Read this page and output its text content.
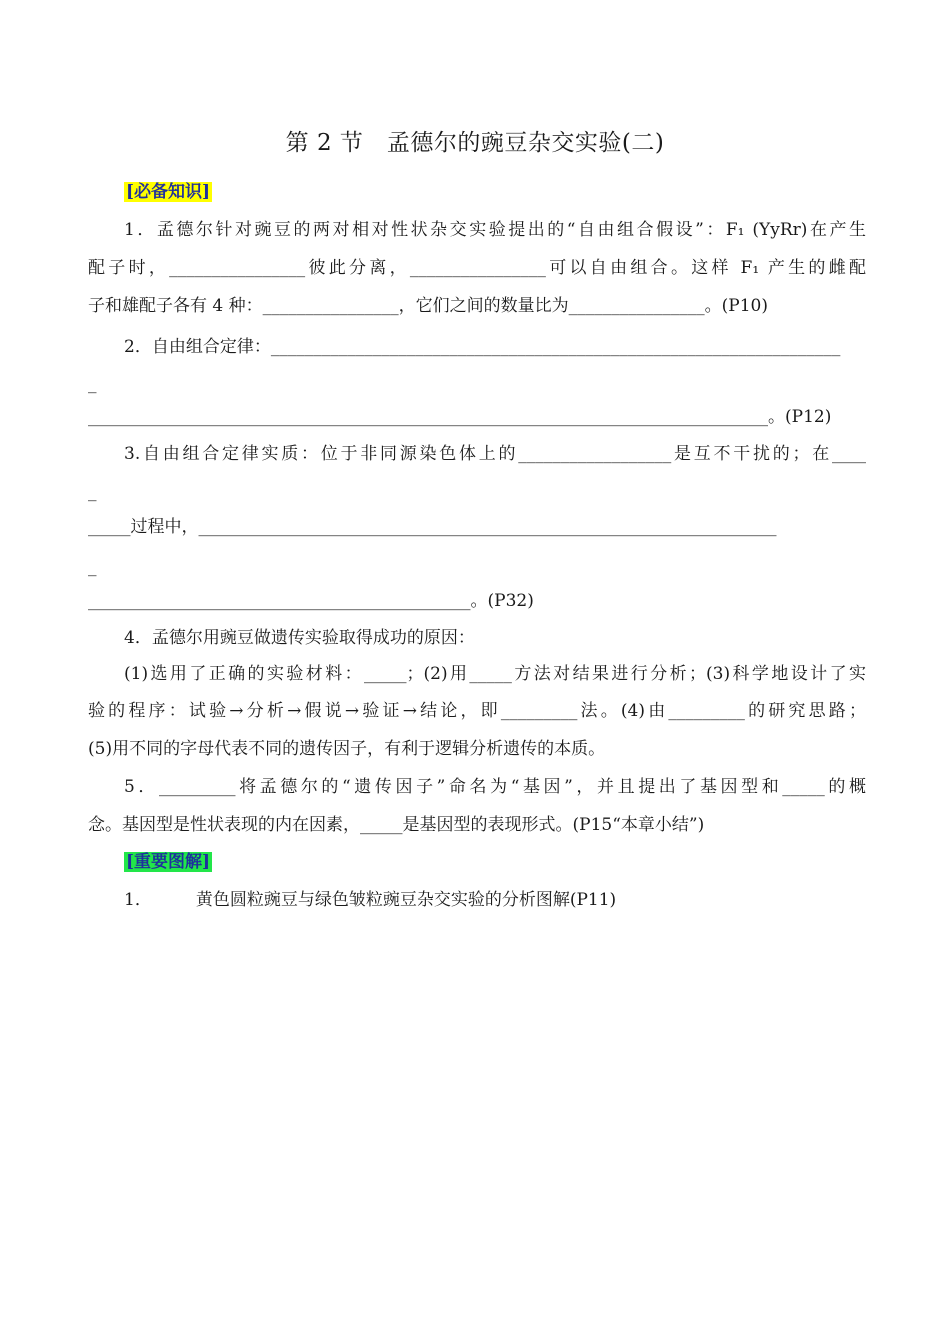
第 2 节　孟德尔的豌豆杂交实验(二)
[必备知识]
1．孟德尔针对豌豆的两对相对性状杂交实验提出的“自由组合假设”：F₁ (YyRr)在产生
配子时，________________彼此分离，________________可以自由组合。这样 F₁ 产生的雌配
子和雄配子各有 4 种：________________，它们之间的数量比为________________。(P10)
2．自由组合定律：___________________________________________________________________
_
________________________________________________________________________________。(P12)
3.自由组合定律实质：位于非同源染色体上的__________________是互不干扰的；在____
_
_____过程中，____________________________________________________________________
_
_____________________________________________。(P32)
4．孟德尔用豌豆做遗传实验取得成功的原因：
(1)选用了正确的实验材料：_____；(2)用_____方法对结果进行分析；(3)科学地设计了实
验的程序：试验→分析→假说→验证→结论，即_________法。(4)由_________的研究思路；
(5)用不同的字母代表不同的遗传因子，有利于逻辑分析遗传的本质。
5．_________将孟德尔的“遗传因子”命名为“基因”，并且提出了基因型和_____的概
念。基因型是性状表现的内在因素，_____是基因型的表现形式。(P15“本章小结”)
[重要图解]
1．	黄色圆粒豌豆与绿色皱粒豌豆杂交实验的分析图解(P11)
